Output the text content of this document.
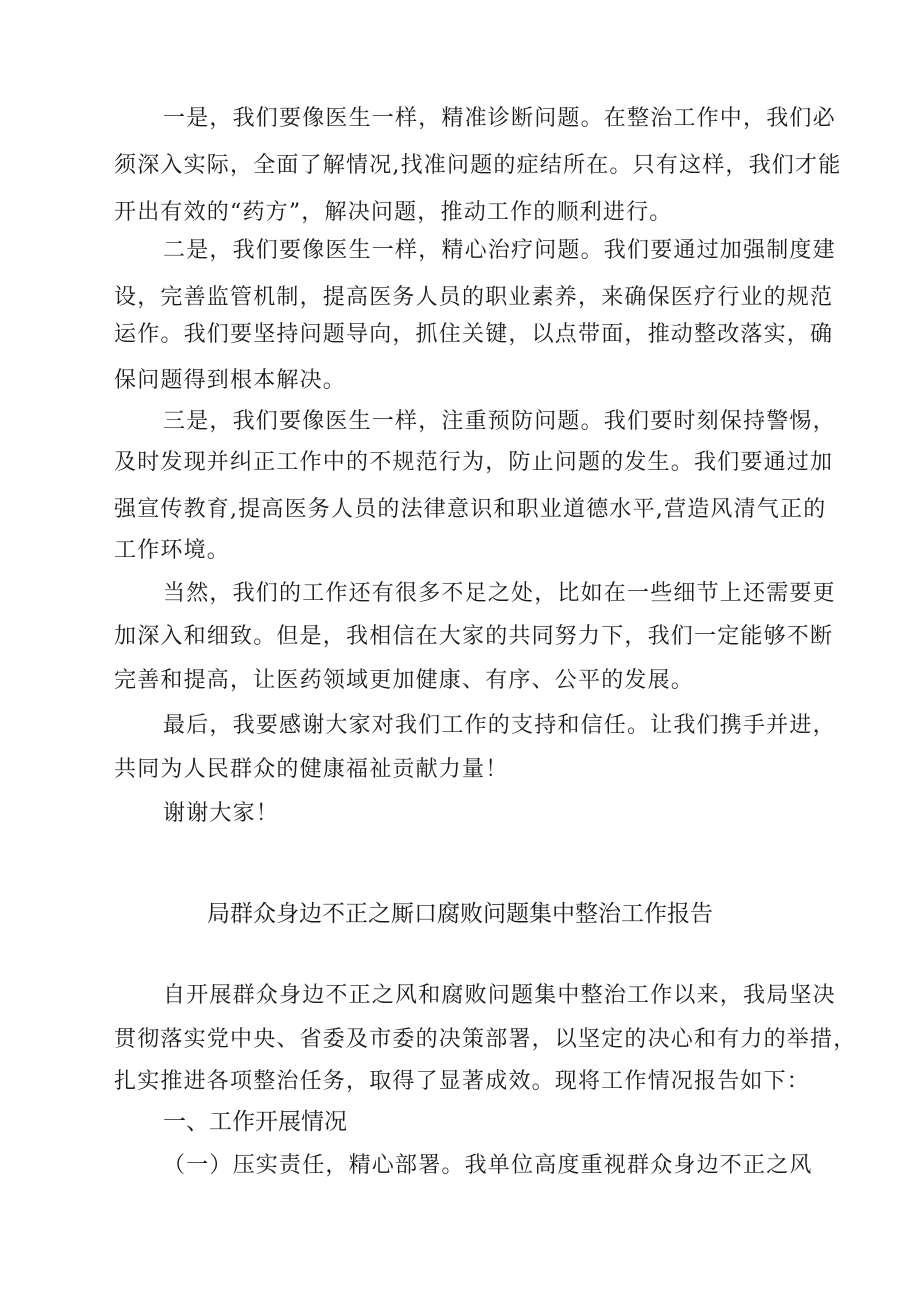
一是，我们要像医生一样，精准诊断问题。在整治工作中，我们必
须深入实际，全面了解情况,找准问题的症结所在。只有这样，我们才能
开出有效的“药方”，解决问题，推动工作的顺利进行。
二是，我们要像医生一样，精心治疗问题。我们要通过加强制度建
设，完善监管机制，提高医务人员的职业素养，来确保医疗行业的规范
运作。我们要坚持问题导向，抓住关键，以点带面，推动整改落实，确
保问题得到根本解决。
三是，我们要像医生一样，注重预防问题。我们要时刻保持警惕，
及时发现并纠正工作中的不规范行为，防止问题的发生。我们要通过加
强宣传教育,提高医务人员的法律意识和职业道德水平,营造风清气正的
工作环境。
当然，我们的工作还有很多不足之处，比如在一些细节上还需要更
加深入和细致。但是，我相信在大家的共同努力下，我们一定能够不断
完善和提高，让医药领域更加健康、有序、公平的发展。
最后，我要感谢大家对我们工作的支持和信任。让我们携手并进，
共同为人民群众的健康福祉贡献力量！
谢谢大家！
局群众身边不正之厮口腐败问题集中整治工作报告
自开展群众身边不正之风和腐败问题集中整治工作以来，我局坚决
贯彻落实党中央、省委及市委的决策部署，以坚定的决心和有力的举措，
扎实推进各项整治任务，取得了显著成效。现将工作情况报告如下：
一、工作开展情况
（一）压实责任，精心部署。我单位高度重视群众身边不正之风
